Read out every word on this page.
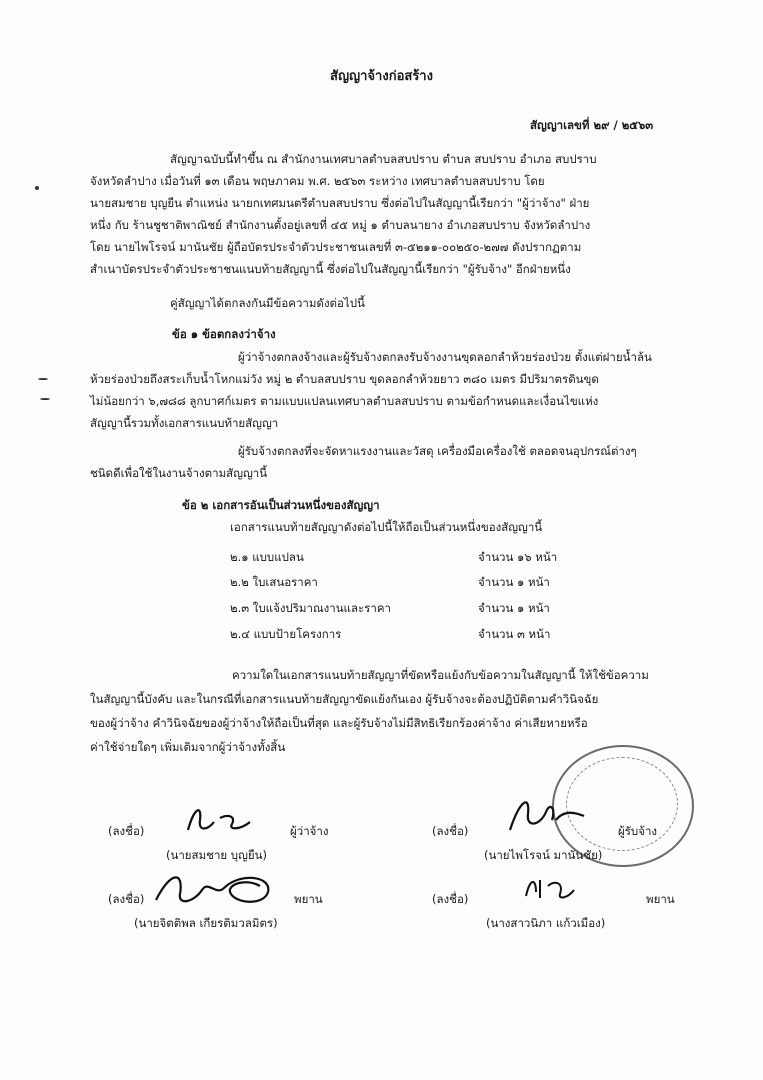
สัญญาจ้างก่อสร้าง
สัญญาเลขที่ ๒๙ / ๒๕๖๓
สัญญาฉบับนี้ทำขึ้น ณ สำนักงานเทศบาลตำบลสบปราบ ตำบล สบปราบ อำเภอ สบปราบ
จังหวัดลำปาง เมื่อวันที่ ๑๓ เดือน พฤษภาคม พ.ศ. ๒๕๖๓ ระหว่าง เทศบาลตำบลสบปราบ โดย
นายสมชาย บุญยืน ตำแหน่ง นายกเทศมนตรีตำบลสบปราบ ซึ่งต่อไปในสัญญานี้เรียกว่า "ผู้ว่าจ้าง" ฝ่าย
หนึ่ง กับ ร้านชูชาติพาณิชย์ สำนักงานตั้งอยู่เลขที่ ๔๕ หมู่ ๑ ตำบลนายาง อำเภอสบปราบ จังหวัดลำปาง
โดย นายไพโรจน์ มานันชัย ผู้ถือบัตรประจำตัวประชาชนเลขที่ ๓-๕๒๑๑-๐๐๒๕๐-๒๗๗ ดังปรากฏตาม
สำเนาบัตรประจำตัวประชาชนแนบท้ายสัญญานี้ ซึ่งต่อไปในสัญญานี้เรียกว่า "ผู้รับจ้าง" อีกฝ่ายหนึ่ง
คู่สัญญาได้ตกลงกันมีข้อความดังต่อไปนี้
ข้อ ๑ ข้อตกลงว่าจ้าง
ผู้ว่าจ้างตกลงจ้างและผู้รับจ้างตกลงรับจ้างงานขุดลอกลำห้วยร่องป่วย ตั้งแต่ฝายน้ำล้น
ห้วยร่องป่วยถึงสระเก็บน้ำโหกแม่วัง หมู่ ๒ ตำบลสบปราบ ขุดลอกลำห้วยยาว ๓๘๐ เมตร มีปริมาตรดินขุด
ไม่น้อยกว่า ๖,๗๘๘ ลูกบาศก์เมตร ตามแบบแปลนเทศบาลตำบลสบปราบ ตามข้อกำหนดและเงื่อนไขแห่ง
สัญญานี้รวมทั้งเอกสารแนบท้ายสัญญา
ผู้รับจ้างตกลงที่จะจัดหาแรงงานและวัสดุ เครื่องมือเครื่องใช้ ตลอดจนอุปกรณ์ต่างๆ
ชนิดดีเพื่อใช้ในงานจ้างตามสัญญานี้
ข้อ ๒ เอกสารอันเป็นส่วนหนึ่งของสัญญา
เอกสารแนบท้ายสัญญาดังต่อไปนี้ให้ถือเป็นส่วนหนึ่งของสัญญานี้
๒.๑ แบบแปลน	จำนวน ๑๖ หน้า
๒.๒ ใบเสนอราคา	จำนวน ๑ หน้า
๒.๓ ใบแจ้งปริมาณงานและราคา	จำนวน ๑ หน้า
๒.๔ แบบป้ายโครงการ	จำนวน ๓ หน้า
ความใดในเอกสารแนบท้ายสัญญาที่ขัดหรือแย้งกับข้อความในสัญญานี้ ให้ใช้ข้อความ
ในสัญญานี้บังคับ และในกรณีที่เอกสารแนบท้ายสัญญาขัดแย้งกันเอง ผู้รับจ้างจะต้องปฏิบัติตามคำวินิจฉัย
ของผู้ว่าจ้าง คำวินิจฉัยของผู้ว่าจ้างให้ถือเป็นที่สุด และผู้รับจ้างไม่มีสิทธิเรียกร้องค่าจ้าง ค่าเสียหายหรือ
ค่าใช้จ่ายใดๆ เพิ่มเติมจากผู้ว่าจ้างทั้งสิ้น
(ลงชื่อ)	ผู้ว่าจ้าง
(นายสมชาย บุญยืน)
(ลงชื่อ)	ผู้รับจ้าง
(นายไพโรจน์ มานันชัย)
(ลงชื่อ)	พยาน
(นายจิตติพล เกียรติมวลมิตร)
(ลงชื่อ)	พยาน
(นางสาวนิภา แก้วเมือง)
